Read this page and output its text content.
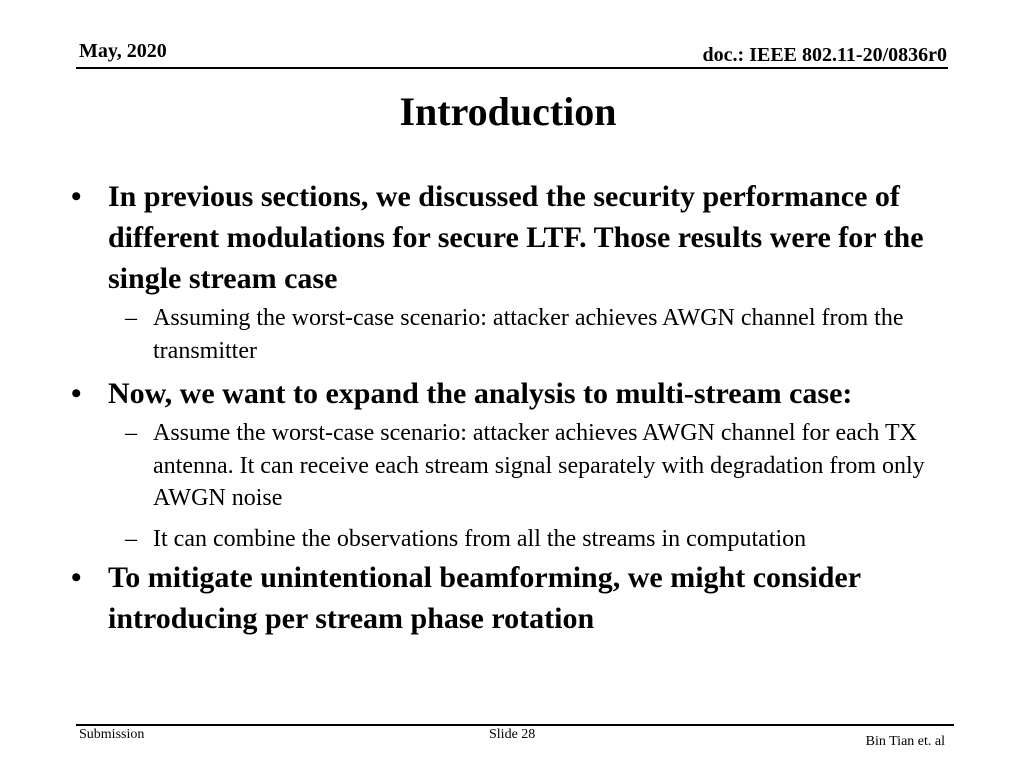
May, 2020	doc.: IEEE 802.11-20/0836r0
Introduction
• In previous sections, we discussed the security performance of different modulations for secure LTF. Those results were for the single stream case
– Assuming the worst-case scenario: attacker achieves AWGN channel from the transmitter
• Now, we want to expand the analysis to multi-stream case:
– Assume the worst-case scenario: attacker achieves AWGN channel for each TX antenna. It can receive each stream signal separately with degradation from only AWGN noise
– It can combine the observations from all the streams in computation
• To mitigate unintentional beamforming, we might consider introducing per stream phase rotation
Submission	Slide 28	Bin Tian et. al
